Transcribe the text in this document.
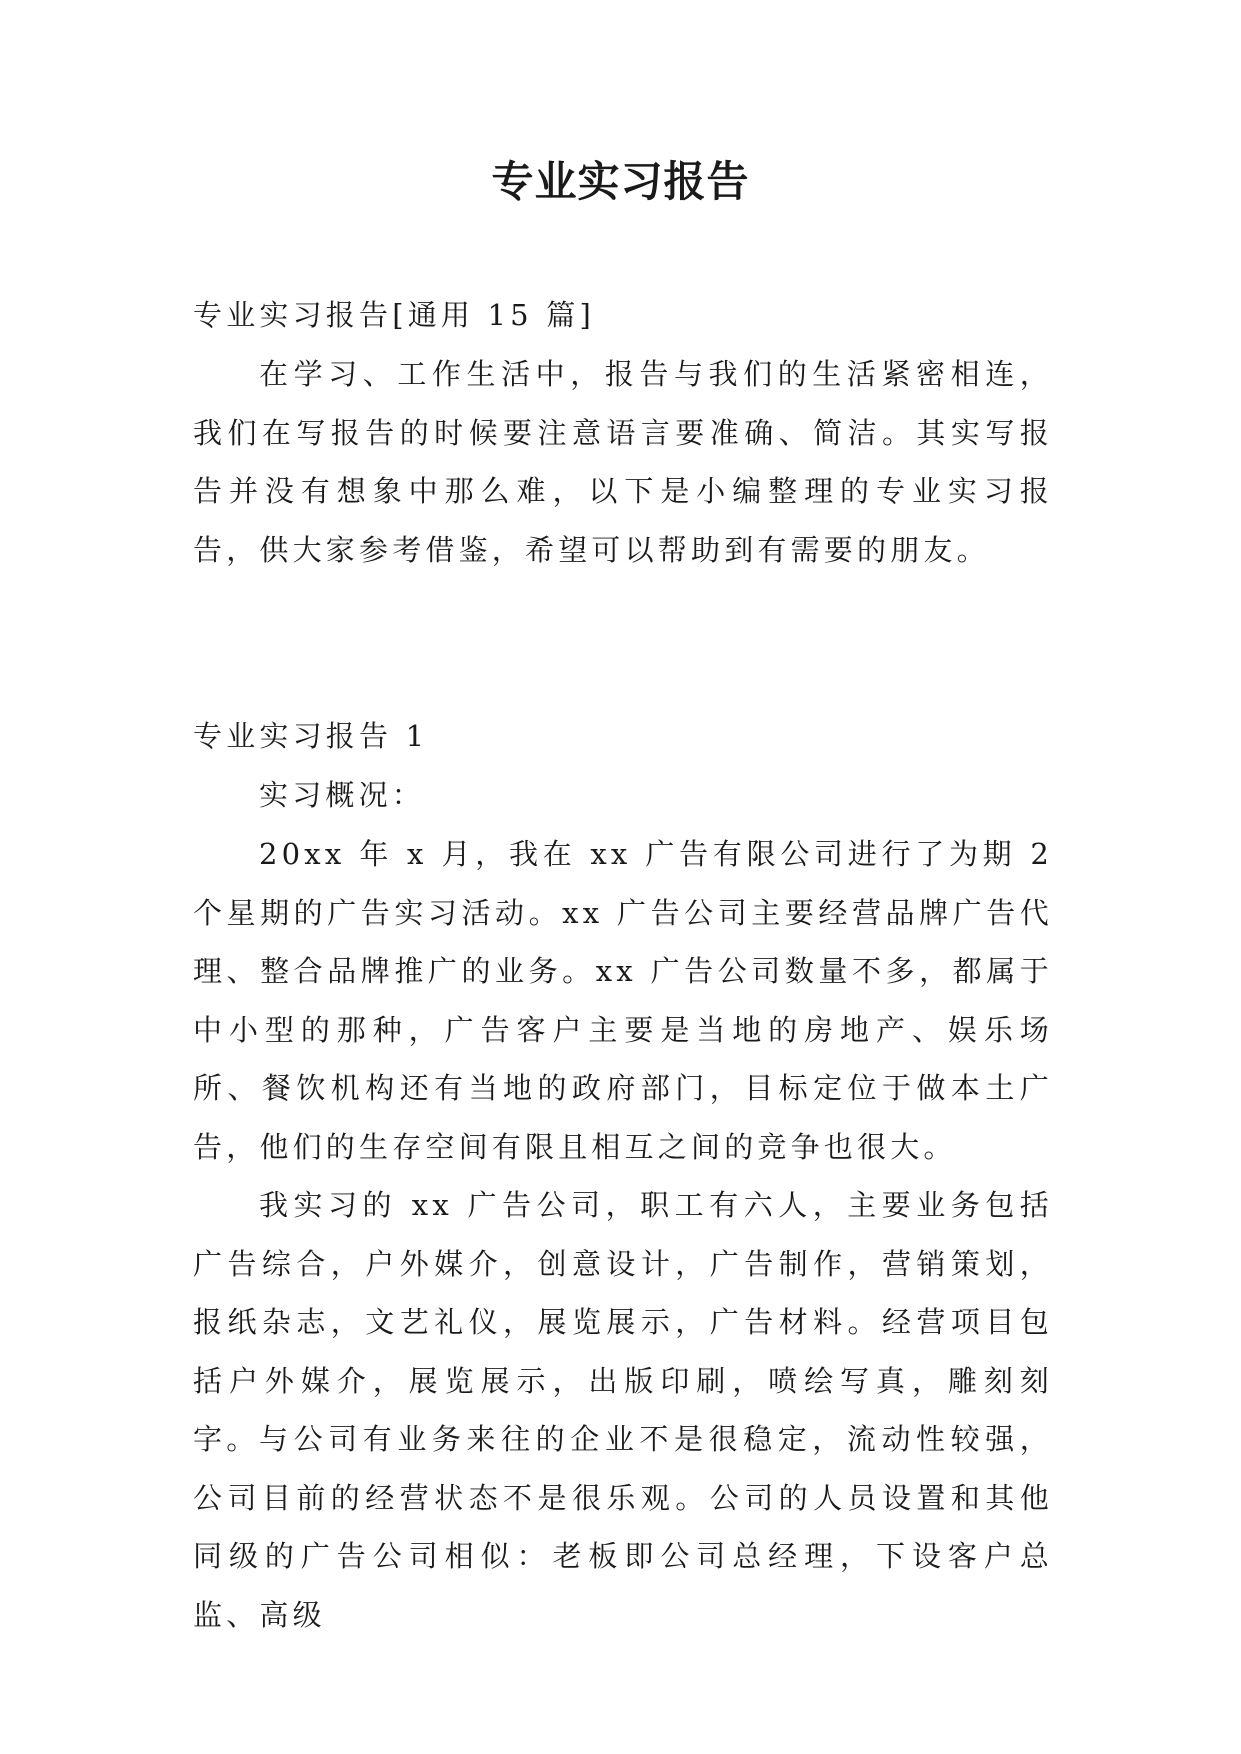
专业实习报告

专业实习报告[通用 15 篇]

在学习、工作生活中，报告与我们的生活紧密相连，我们在写报告的时候要注意语言要准确、简洁。其实写报告并没有想象中那么难，以下是小编整理的专业实习报告，供大家参考借鉴，希望可以帮助到有需要的朋友。

专业实习报告 1

实习概况：

20xx 年 x 月，我在 xx 广告有限公司进行了为期 2 个星期的广告实习活动。xx 广告公司主要经营品牌广告代理、整合品牌推广的业务。xx 广告公司数量不多，都属于中小型的那种，广告客户主要是当地的房地产、娱乐场所、餐饮机构还有当地的政府部门，目标定位于做本土广告，他们的生存空间有限且相互之间的竞争也很大。

我实习的 xx 广告公司，职工有六人，主要业务包括广告综合，户外媒介，创意设计，广告制作，营销策划，报纸杂志，文艺礼仪，展览展示，广告材料。经营项目包括户外媒介，展览展示，出版印刷，喷绘写真，雕刻刻字。 与公司有业务来往的企业不是很稳定，流动性较强，公司目前的经营状态不是很乐观。公司的人员设置和其他同级的广告公司相似：老板即公司总经理，下设客户总监、高级
